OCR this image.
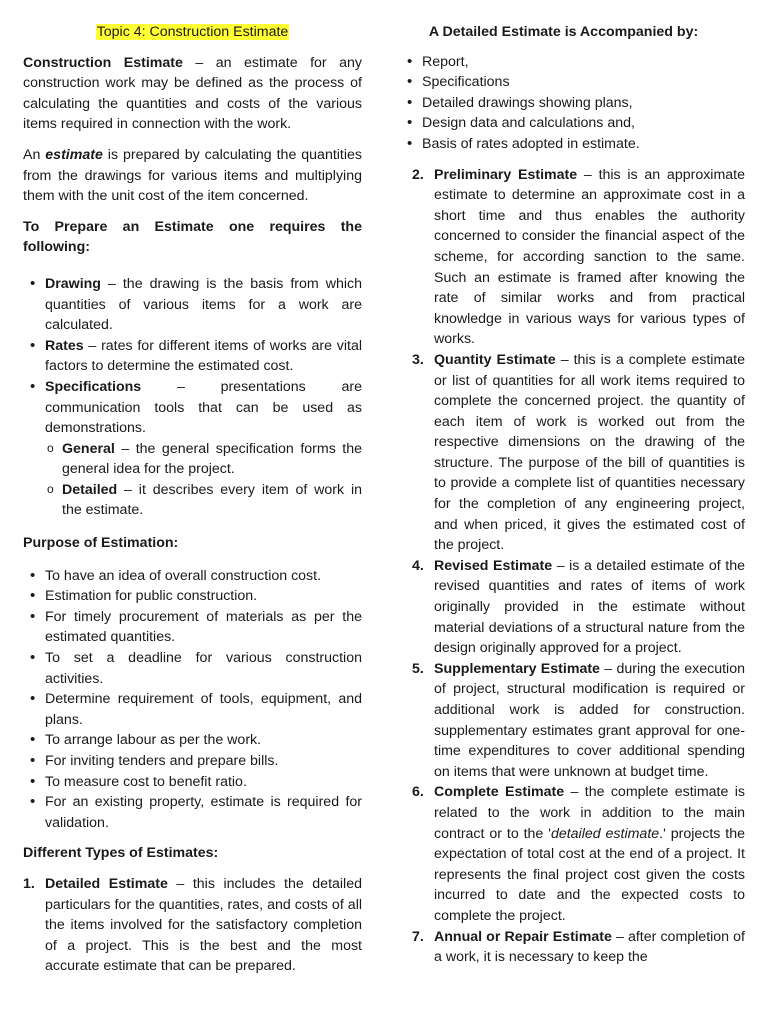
Topic 4: Construction Estimate

Construction Estimate – an estimate for any construction work may be defined as the process of calculating the quantities and costs of the various items required in connection with the work.

An estimate is prepared by calculating the quantities from the drawings for various items and multiplying them with the unit cost of the item concerned.

To Prepare an Estimate one requires the following:

• Drawing – the drawing is the basis from which quantities of various items for a work are calculated.
• Rates – rates for different items of works are vital factors to determine the estimated cost.
• Specifications – presentations are communication tools that can be used as demonstrations.
o General – the general specification forms the general idea for the project.
o Detailed – it describes every item of work in the estimate.

Purpose of Estimation:

• To have an idea of overall construction cost.
• Estimation for public construction.
• For timely procurement of materials as per the estimated quantities.
• To set a deadline for various construction activities.
• Determine requirement of tools, equipment, and plans.
• To arrange labour as per the work.
• For inviting tenders and prepare bills.
• To measure cost to benefit ratio.
• For an existing property, estimate is required for validation.

Different Types of Estimates:

1. Detailed Estimate – this includes the detailed particulars for the quantities, rates, and costs of all the items involved for the satisfactory completion of a project. This is the best and the most accurate estimate that can be prepared.

A Detailed Estimate is Accompanied by:

• Report,
• Specifications
• Detailed drawings showing plans,
• Design data and calculations and,
• Basis of rates adopted in estimate.
2. Preliminary Estimate – this is an approximate estimate to determine an approximate cost in a short time and thus enables the authority concerned to consider the financial aspect of the scheme, for according sanction to the same. Such an estimate is framed after knowing the rate of similar works and from practical knowledge in various ways for various types of works.
3. Quantity Estimate – this is a complete estimate or list of quantities for all work items required to complete the concerned project. the quantity of each item of work is worked out from the respective dimensions on the drawing of the structure. The purpose of the bill of quantities is to provide a complete list of quantities necessary for the completion of any engineering project, and when priced, it gives the estimated cost of the project.
4. Revised Estimate – is a detailed estimate of the revised quantities and rates of items of work originally provided in the estimate without material deviations of a structural nature from the design originally approved for a project.
5. Supplementary Estimate – during the execution of project, structural modification is required or additional work is added for construction. supplementary estimates grant approval for one-time expenditures to cover additional spending on items that were unknown at budget time.
6. Complete Estimate – the complete estimate is related to the work in addition to the main contract or to the 'detailed estimate.' projects the expectation of total cost at the end of a project. It represents the final project cost given the costs incurred to date and the expected costs to complete the project.
7. Annual or Repair Estimate – after completion of a work, it is necessary to keep the
